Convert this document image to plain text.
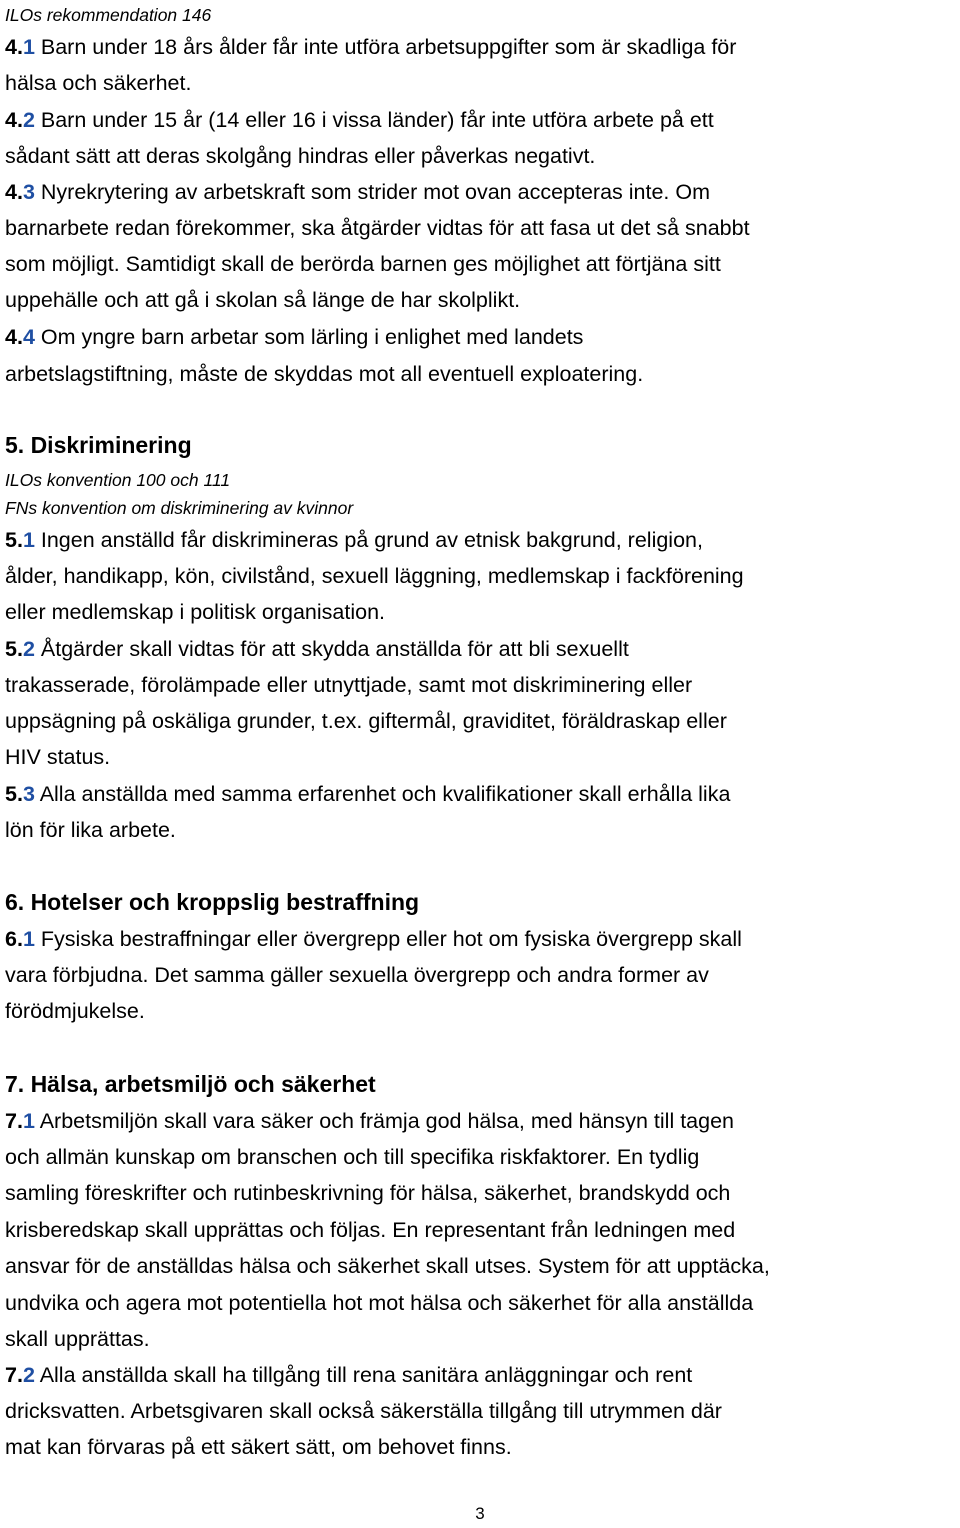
ILOs rekommendation 146
4.1 Barn under 18 års ålder får inte utföra arbetsuppgifter som är skadliga för
hälsa och säkerhet.
4.2 Barn under 15 år (14 eller 16 i vissa länder) får inte utföra arbete på ett
sådant sätt att deras skolgång hindras eller påverkas negativt.
4.3 Nyrekrytering av arbetskraft som strider mot ovan accepteras inte. Om
barnarbete redan förekommer, ska åtgärder vidtas för att fasa ut det så snabbt
som möjligt. Samtidigt skall de berörda barnen ges möjlighet att förtjäna sitt
uppehälle och att gå i skolan så länge de har skolplikt.
4.4 Om yngre barn arbetar som lärling i enlighet med landets
arbetslagstiftning, måste de skyddas mot all eventuell exploatering.
5. Diskriminering
ILOs konvention 100 och 111
FNs konvention om diskriminering av kvinnor
5.1 Ingen anställd får diskrimineras på grund av etnisk bakgrund, religion,
ålder, handikapp, kön, civilstånd, sexuell läggning, medlemskap i fackförening
eller medlemskap i politisk organisation.
5.2 Åtgärder skall vidtas för att skydda anställda för att bli sexuellt
trakasserade, förolämpade eller utnyttjade, samt mot diskriminering eller
uppsägning på oskäliga grunder, t.ex. giftermål, graviditet, föräldraskap eller
HIV status.
5.3 Alla anställda med samma erfarenhet och kvalifikationer skall erhålla lika
lön för lika arbete.
6. Hotelser och kroppslig bestraffning
6.1 Fysiska bestraffningar eller övergrepp eller hot om fysiska övergrepp skall
vara förbjudna. Det samma gäller sexuella övergrepp och andra former av
förödmjukelse.
7. Hälsa, arbetsmiljö och säkerhet
7.1 Arbetsmiljön skall vara säker och främja god hälsa, med hänsyn till tagen
och allmän kunskap om branschen och till specifika riskfaktorer. En tydlig
samling föreskrifter och rutinbeskrivning för hälsa, säkerhet, brandskydd och
krisberedskap skall upprättas och följas. En representant från ledningen med
ansvar för de anställdas hälsa och säkerhet skall utses. System för att upptäcka,
undvika och agera mot potentiella hot mot hälsa och säkerhet för alla anställda
skall upprättas.
7.2 Alla anställda skall ha tillgång till rena sanitära anläggningar och rent
dricksvatten. Arbetsgivaren skall också säkerställa tillgång till utrymmen där
mat kan förvaras på ett säkert sätt, om behovet finns.
3
